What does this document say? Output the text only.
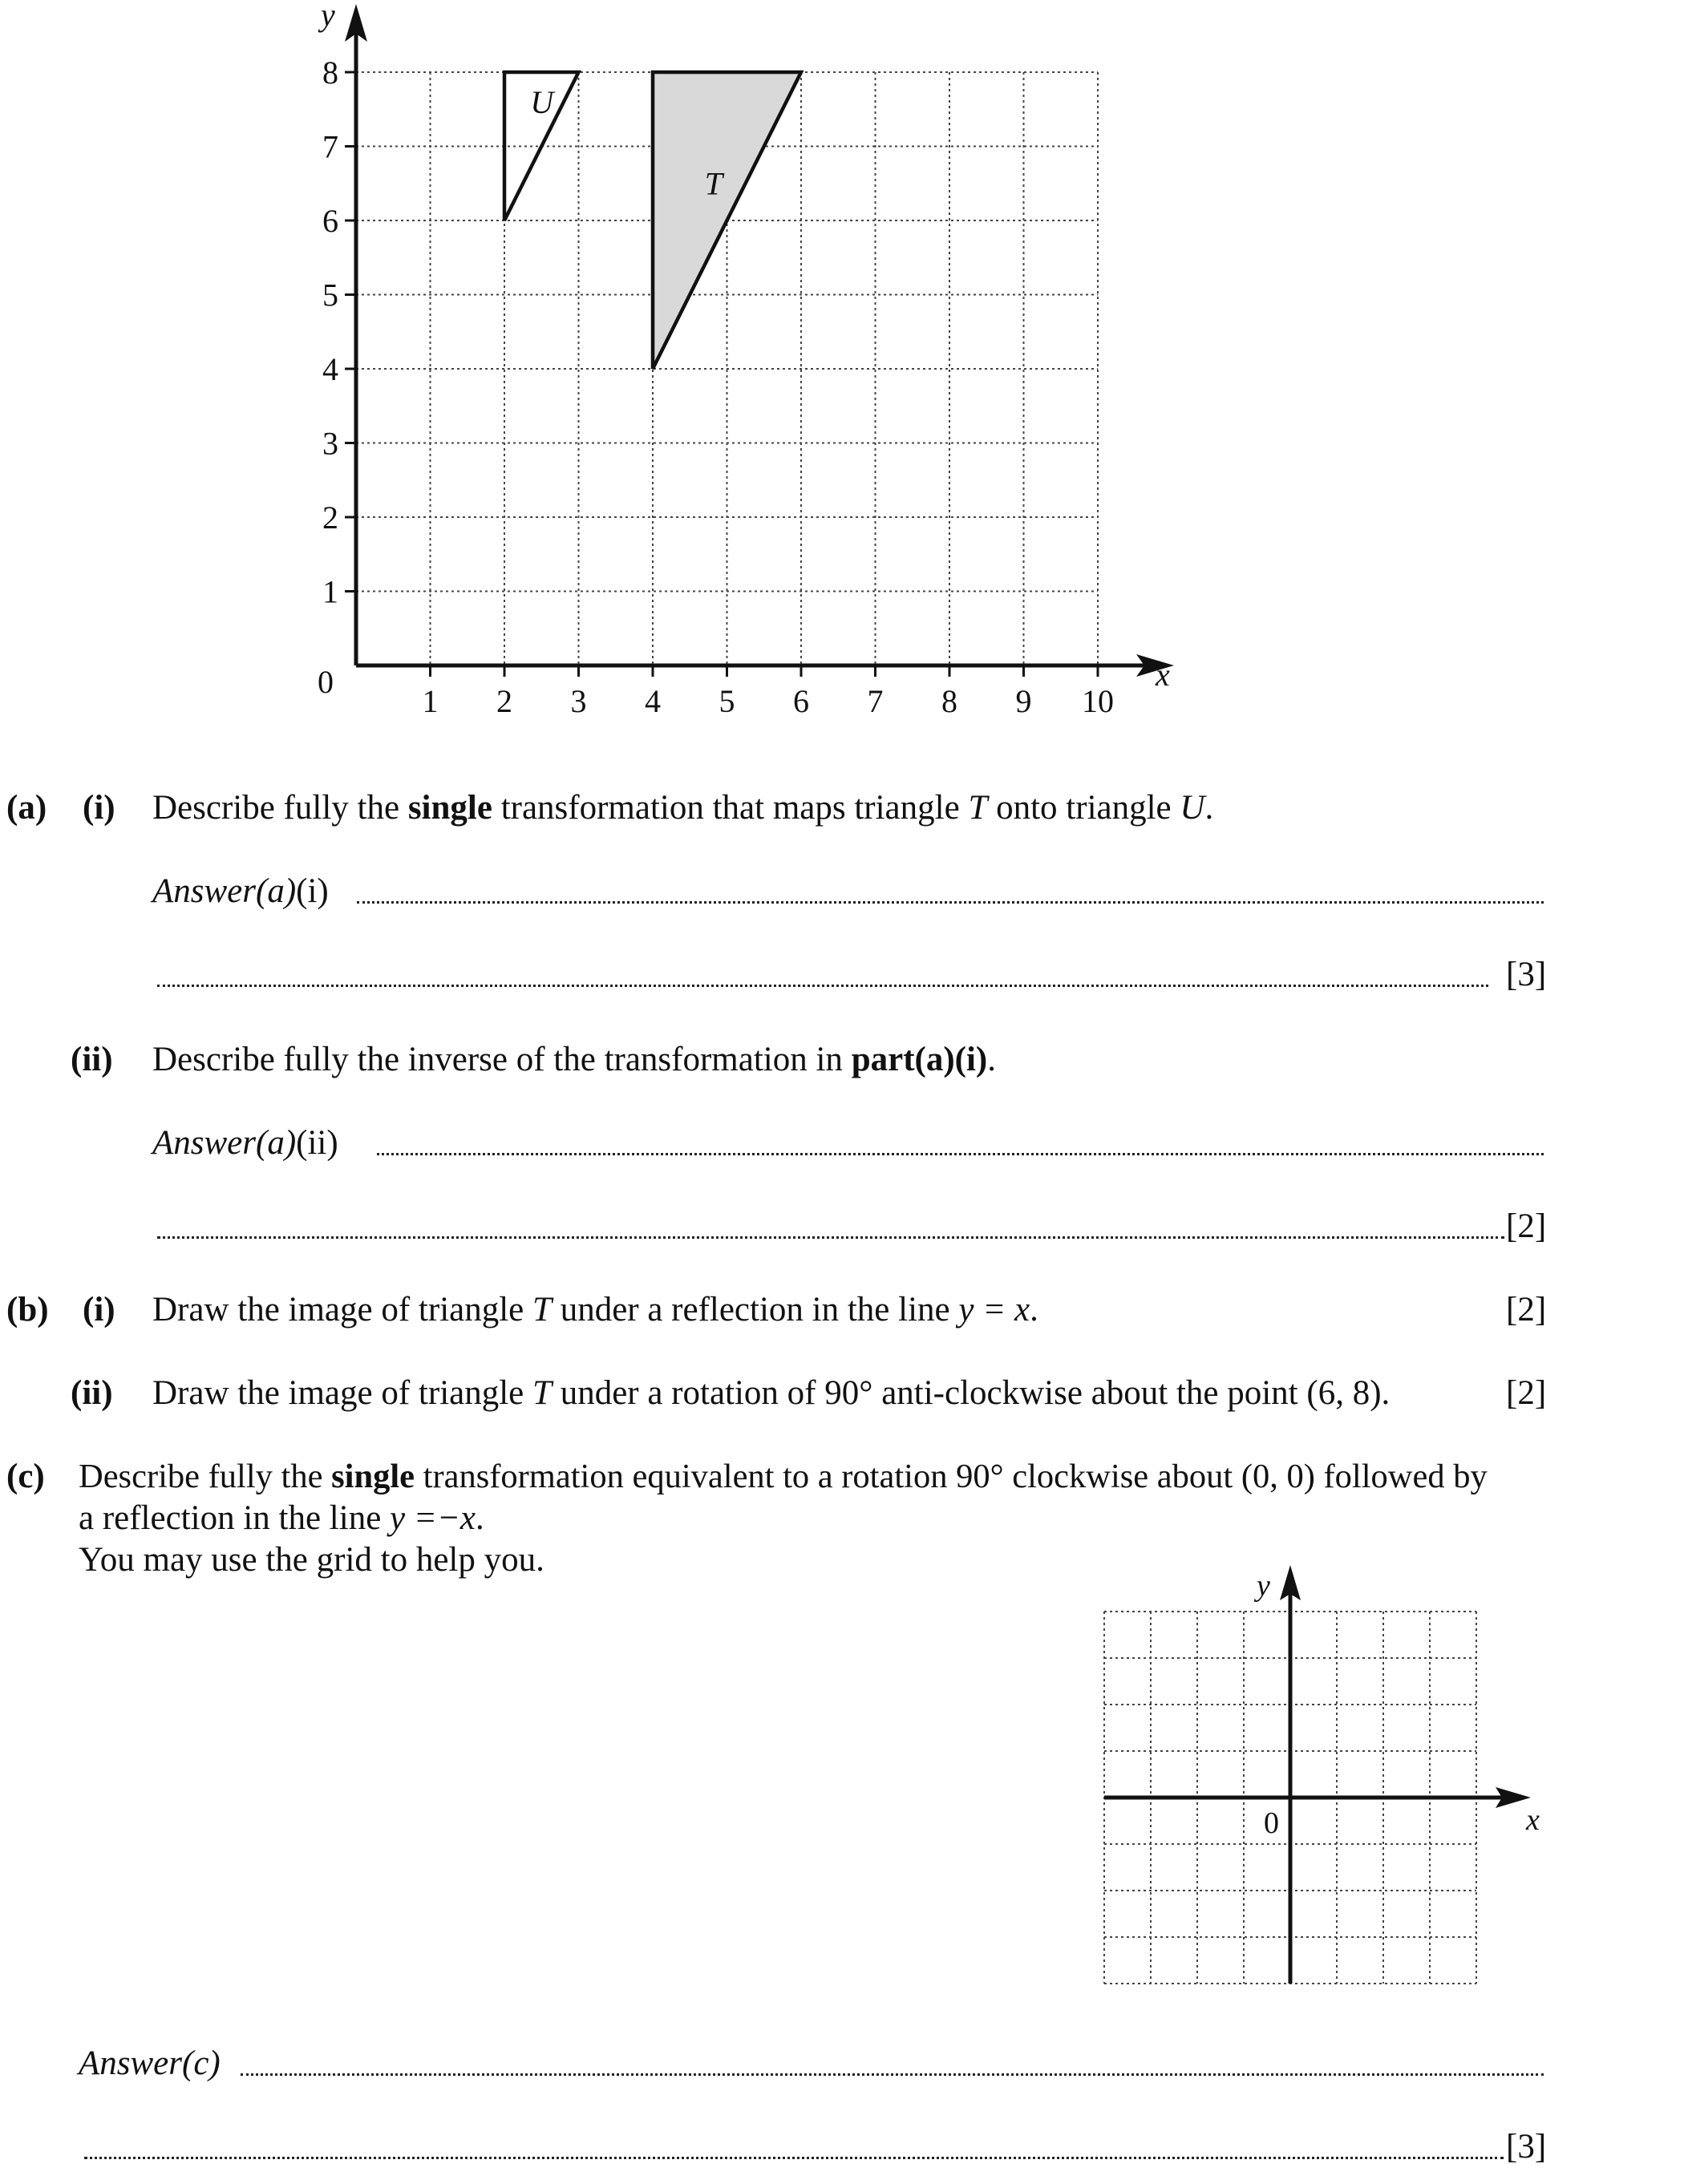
U
T
1 2 3 4 5 6 7 8 9 10
1
2
3
4
5
6
7
8
0	x
y
(a) (i) Describe fully the single transformation that maps triangle T onto triangle U.
Answer(a)(i)
[3]
(ii) Describe fully the inverse of the transformation in part(a)(i).
Answer(a)(ii)
[2]
(b) (i) Draw the image of triangle T under a reflection in the line y = x.	[2]
(ii) Draw the image of triangle T under a rotation of 90° anti-clockwise about the point (6, 8).	[2]
(c) Describe fully the single transformation equivalent to a rotation 90° clockwise about (0, 0) followed by
a reflection in the line y =−x.
You may use the grid to help you.
0	x
y
Answer(c)
[3]
